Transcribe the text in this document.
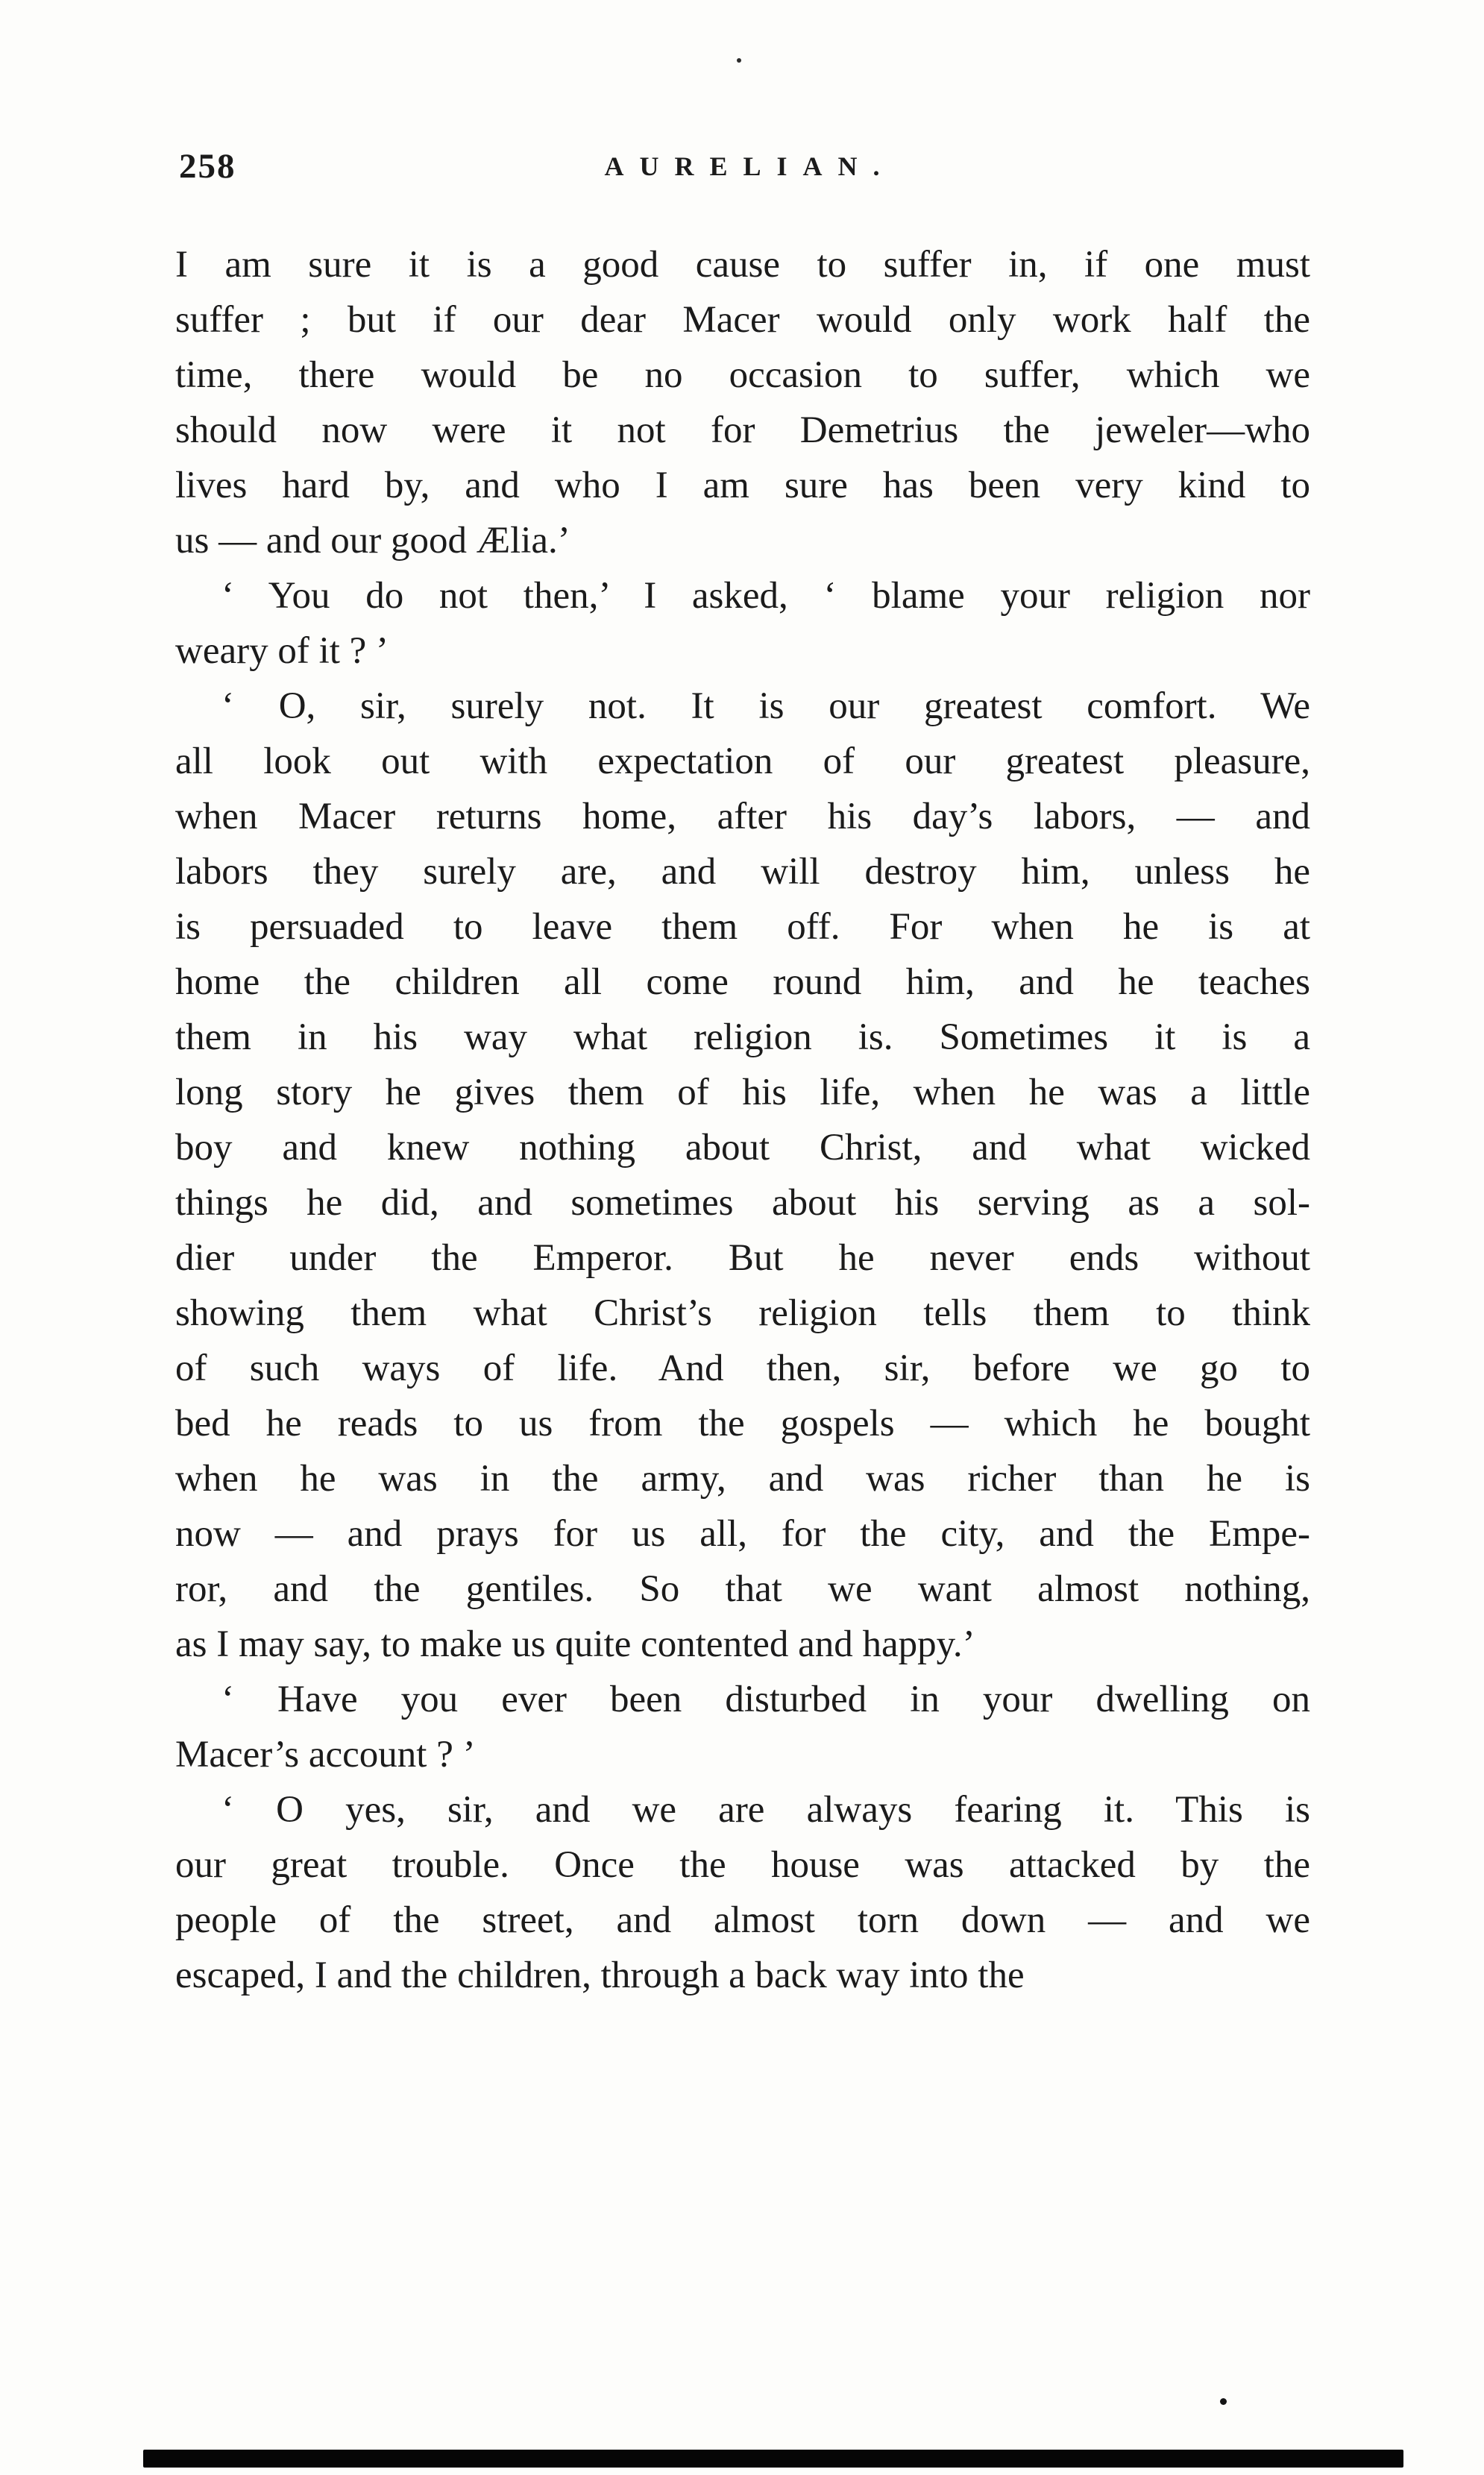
258	AURELIAN.
I am sure it is a good cause to suffer in, if one must
suffer ; but if our dear Macer would only work half the
time, there would be no occasion to suffer, which we
should now were it not for Demetrius the jeweler—who
lives hard by, and who I am sure has been very kind to
us — and our good Ælia.’
‘ You do not then,’ I asked, ‘ blame your religion nor
weary of it ? ’
‘ O, sir, surely not. It is our greatest comfort. We
all look out with expectation of our greatest pleasure,
when Macer returns home, after his day’s labors, — and
labors they surely are, and will destroy him, unless he
is persuaded to leave them off. For when he is at
home the children all come round him, and he teaches
them in his way what religion is. Sometimes it is a
long story he gives them of his life, when he was a little
boy and knew nothing about Christ, and what wicked
things he did, and sometimes about his serving as a sol-
dier under the Emperor. But he never ends without
showing them what Christ’s religion tells them to think
of such ways of life. And then, sir, before we go to
bed he reads to us from the gospels — which he bought
when he was in the army, and was richer than he is
now — and prays for us all, for the city, and the Empe-
ror, and the gentiles. So that we want almost nothing,
as I may say, to make us quite contented and happy.’
‘ Have you ever been disturbed in your dwelling on
Macer’s account ? ’
‘ O yes, sir, and we are always fearing it. This is
our great trouble. Once the house was attacked by the
people of the street, and almost torn down — and we
escaped, I and the children, through a back way into the
